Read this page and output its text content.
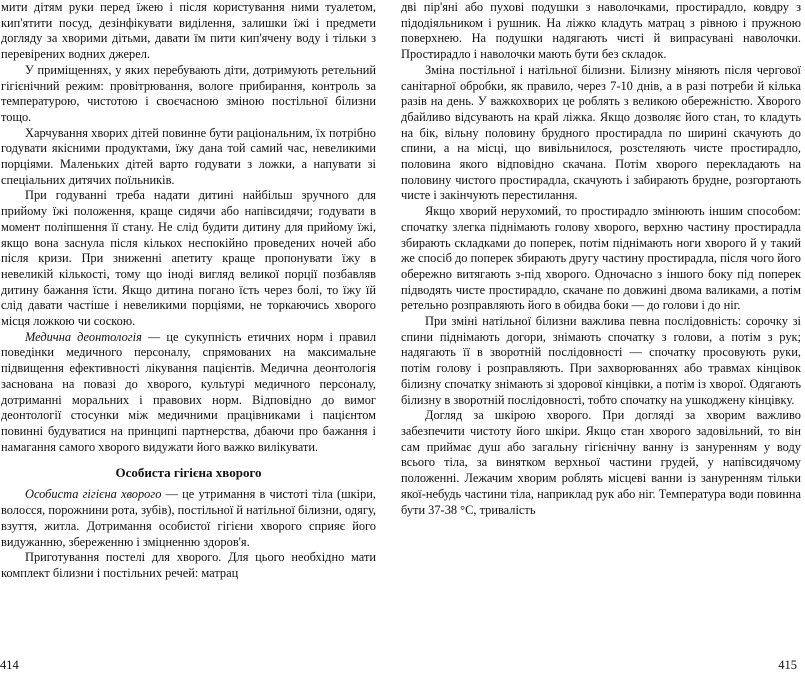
мити дітям руки перед їжею і після користування ними туалетом, кип'ятити посуд, дезінфікувати виділення, залишки їжі і предмети догляду за хворими дітьми, давати їм пити кип'ячену воду і тільки з перевірених водних джерел.

У приміщеннях, у яких перебувають діти, дотримують ретельний гігієнічний режим: провітрювання, вологе прибирання, контроль за температурою, чистотою і своєчасною зміною постільної білизни тощо.

Харчування хворих дітей повинне бути раціональним, їх потрібно годувати якісними продуктами, їжу дана той самий час, невеликими порціями. Маленьких дітей варто годувати з ложки, а напувати зі спеціальних дитячих поїльників.

При годуванні треба надати дитині найбільш зручного для прийому їжі положення, краще сидячи або напівсидячи; годувати в момент поліпшення її стану. Не слід будити дитину для прийому їжі, якщо вона заснула після кількох неспокійно проведених ночей або після кризи. При зниженні апетиту краще пропонувати їжу в невеликій кількості, тому що іноді вигляд великої порції позбавляв дитину бажання їсти. Якщо дитина погано їсть через болі, то їжу їй слід давати частіше і невеликими порціями, не торкаючись хворого місця ложкою чи соскою.

Медична деонтологія — це сукупність етичних норм і правил поведінки медичного персоналу, спрямованих на максимальне підвищення ефективності лікування пацієнтів. Медична деонтологія заснована на повазі до хворого, культурі медичного персоналу, дотриманні моральних і правових норм. Відповідно до вимог деонтології стосунки між медичними працівниками і пацієнтом повинні будуватися на принципі партнерства, дбаючи про бажання і намагання самого хворого видужати його важко вилікувати.

Особиста гігієна хворого

Особиста гігієна хворого — це утримання в чистоті тіла (шкіри, волосся, порожнини рота, зубів), постільної й натільної білизни, одягу, взуття, житла. Дотримання особистої гігієни хворого сприяє його видужанню, збереженню і зміцненню здоров'я.

Приготування постелі для хворого. Для цього необхідно мати комплект білизни і постільних речей: матрац

414

дві пір'яні або пухові подушки з наволочками, простирадло, ковдру з підодіяльником і рушник. На ліжко кладуть матрац з рівною і пружною поверхнею. На подушки надягають чисті й випрасувані наволочки. Простирадло і наволочки мають бути без складок.

Зміна постільної і натільної білизни. Білизну міняють після чергової санітарної обробки, як правило, через 7-10 днів, а в разі потреби й кілька разів на день. У важкохворих це роблять з великою обережністю. Хворого дбайливо відсувають на край ліжка. Якщо дозволяє його стан, то кладуть на бік, вільну половину брудного простирадла по ширині скачують до спини, а на місці, що вивільнилося, розстеляють чисте простирадло, половина якого відповідно скачана. Потім хворого перекладають на половину чистого простирадла, скачують і забирають брудне, розгортають чисте і закінчують перестилання.

Якщо хворий нерухомий, то простирадло змінюють іншим способом: спочатку злегка піднімають голову хворого, верхню частину простирадла збирають складками до поперек, потім піднімають ноги хворого й у такий же спосіб до поперек збирають другу частину простирадла, після чого його обережно витягають з-під хворого. Одночасно з іншого боку під поперек підводять чисте простирадло, скачане по довжині двома валиками, а потім ретельно розправляють його в обидва боки — до голови і до ніг.

При зміні натільної білизни важлива певна послідовність: сорочку зі спини піднімають догори, знімають спочатку з голови, а потім з рук; надягають її в зворотній послідовності — спочатку просовують руки, потім голову і розправляють. При захворюваннях або травмах кінцівок білизну спочатку знімають зі здорової кінцівки, а потім із хворої. Одягають білизну в зворотній послідовності, тобто спочатку на ушкоджену кінцівку.

Догляд за шкірою хворого. При догляді за хворим важливо забезпечити чистоту його шкіри. Якщо стан хворого задовільний, то він сам приймає душ або загальну гігієнічну ванну із зануренням у воду всього тіла, за винятком верхньої частини грудей, у напівсидячому положенні. Лежачим хворим роблять місцеві ванни із зануренням тільки якої-небудь частини тіла, наприклад рук або ніг. Температура води повинна бути 37-38 °С, тривалість

415
